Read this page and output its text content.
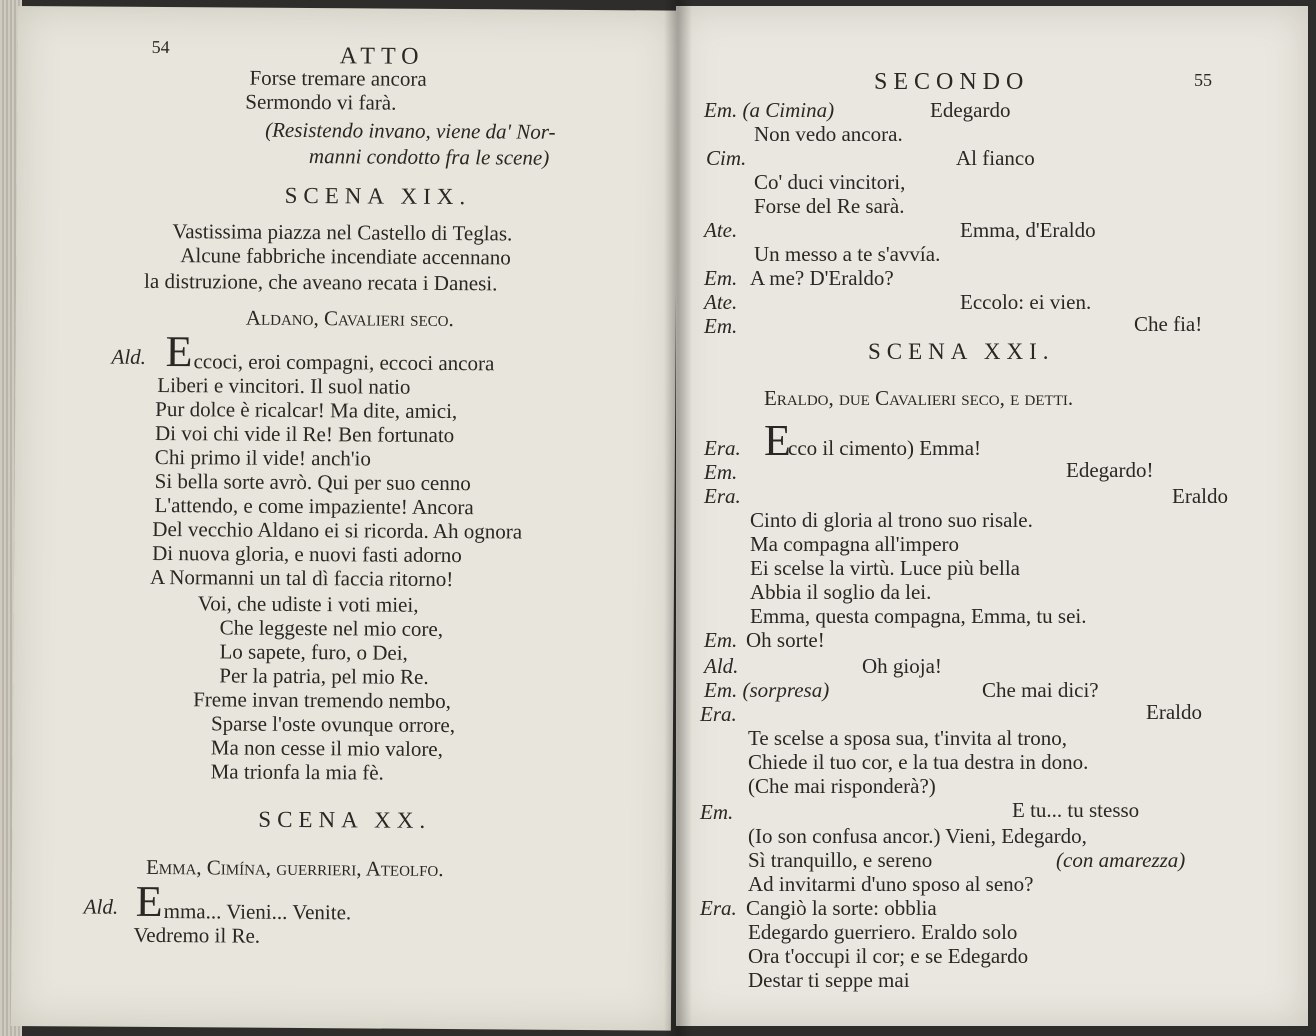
54	ATTO
Forse tremare ancora
Sermondo vi farà.
(Resistendo invano, viene da' Nor-
manni condotto fra le scene)
SCENA XIX.
Vastissima piazza nel Castello di Teglas.
Alcune fabbriche incendiate accennano
la distruzione, che aveano recata i Danesi.
Aldano, Cavalieri seco.
Ald. E ccoci, eroi compagni, eccoci ancora
Liberi e vincitori. Il suol natio
Pur dolce è ricalcar! Ma dite, amici,
Di voi chi vide il Re! Ben fortunato
Chi primo il vide! anch'io
Si bella sorte avrò. Qui per suo cenno
L'attendo, e come impaziente! Ancora
Del vecchio Aldano ei si ricorda. Ah ognora
Di nuova gloria, e nuovi fasti adorno
A Normanni un tal dì faccia ritorno!
Voi, che udiste i voti miei,
Che leggeste nel mio core,
Lo sapete, furo, o Dei,
Per la patria, pel mio Re.
Freme invan tremendo nembo,
Sparse l'oste ovunque orrore,
Ma non cesse il mio valore,
Ma trionfa la mia fè.
SCENA XX.
Emma, Cimína, guerrieri, Ateolfo.
Ald. E mma... Vieni... Venite.
Vedremo il Re.
SECONDO	55
Em. (a Cimina)	Edegardo
Non vedo ancora.
Cim.	Al fianco
Co' duci vincitori,
Forse del Re sarà.
Ate.	Emma, d'Eraldo
Un messo a te s'avvía.
Em. A me? D'Eraldo?
Ate.	Eccolo: ei vien.
Em.	Che fia!
SCENA XXI.
Eraldo, due Cavalieri seco, e detti.
Era. E
cco il cimento) Emma!
Em.	Edegardo!
Era.	Eraldo
Cinto di gloria al trono suo risale.
Ma compagna all'impero
Ei scelse la virtù. Luce più bella
Abbia il soglio da lei.
Emma, questa compagna, Emma, tu sei.
Em. Oh sorte!
Ald.	Oh gioja!
Em. (sorpresa)	Che mai dici?
Era.	Eraldo
Te scelse a sposa sua, t'invita al trono,
Chiede il tuo cor, e la tua destra in dono.
(Che mai risponderà?)
Em.	E tu... tu stesso
(Io son confusa ancor.) Vieni, Edegardo,
Sì tranquillo, e sereno	(con amarezza)
Ad invitarmi d'uno sposo al seno?
Era. Cangiò la sorte: obblia
Edegardo guerriero. Eraldo solo
Ora t'occupi il cor; e se Edegardo
Destar ti seppe mai
